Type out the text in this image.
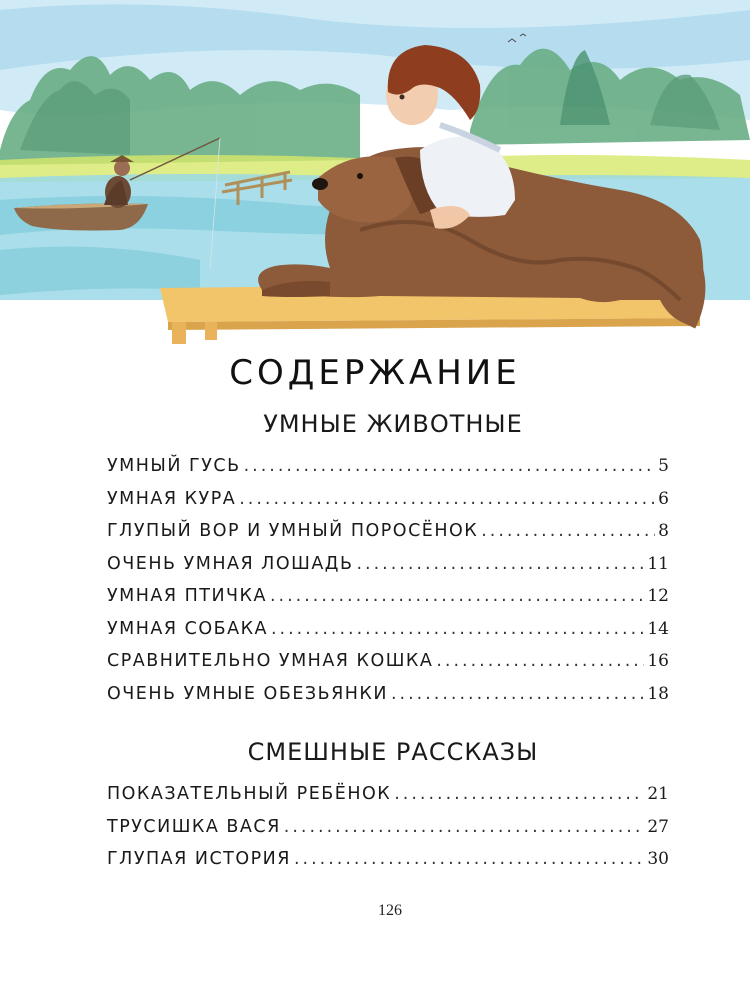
СОДЕРЖАНИЕ
УМНЫЕ ЖИВОТНЫЕ
УМНЫЙ ГУСЬ .....	5
УМНАЯ КУРА .....	6
ГЛУПЫЙ ВОР И УМНЫЙ ПОРОСЁНОК .....	8
ОЧЕНЬ УМНАЯ ЛОШАДЬ .....	11
УМНАЯ ПТИЧКА .....	12
УМНАЯ СОБАКА .....	14
СРАВНИТЕЛЬНО УМНАЯ КОШКА .....	16
ОЧЕНЬ УМНЫЕ ОБЕЗЬЯНКИ .....	18
СМЕШНЫЕ РАССКАЗЫ
ПОКАЗАТЕЛЬНЫЙ РЕБЁНОК .....	21
ТРУСИШКА ВАСЯ .....	27
ГЛУПАЯ ИСТОРИЯ .....	30
126
